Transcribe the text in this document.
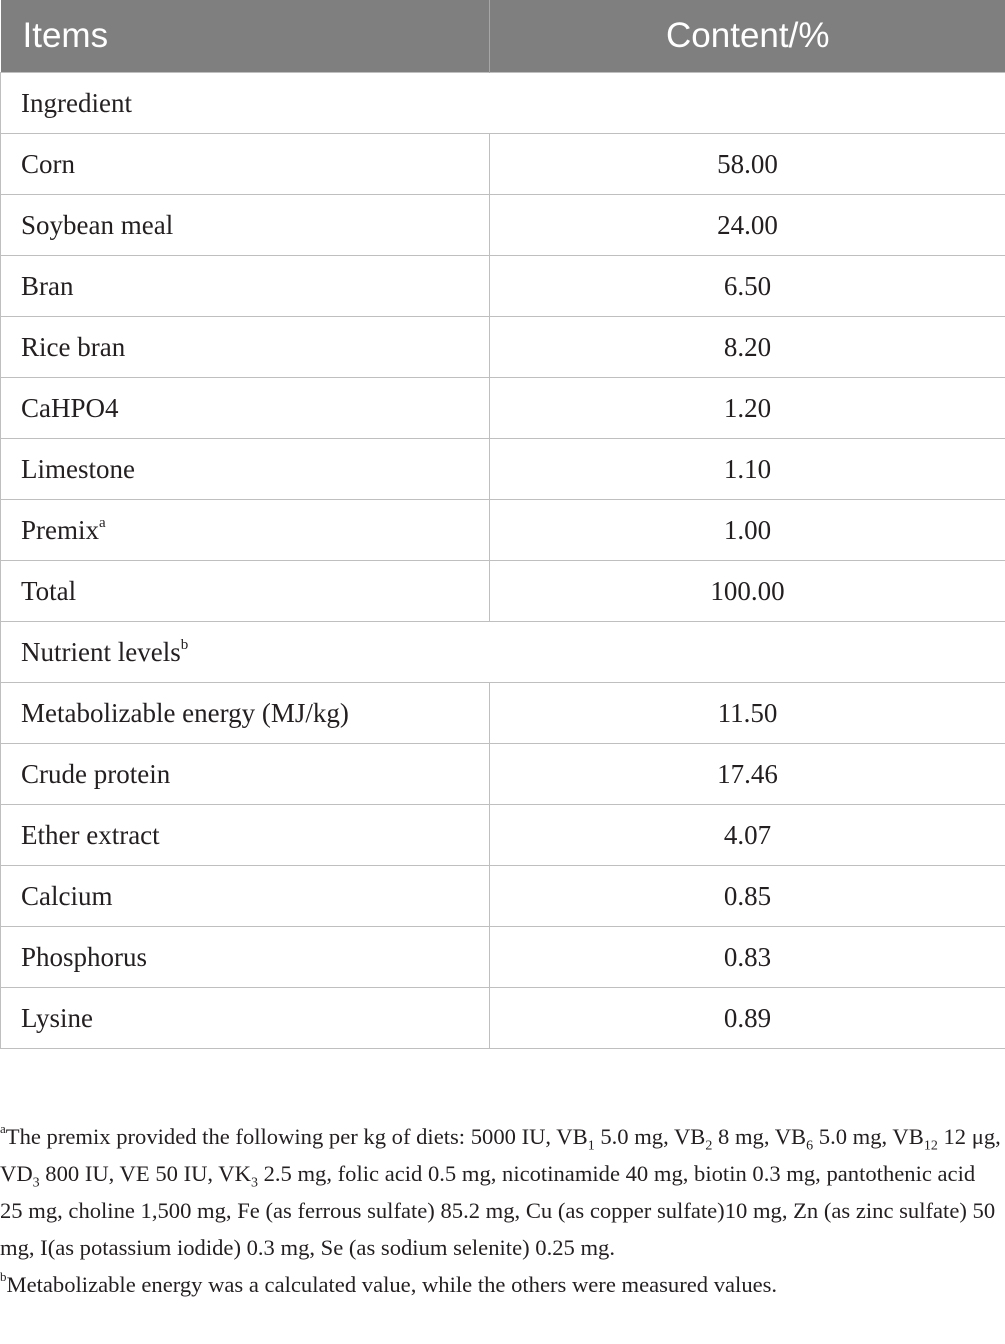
Items	Content/%
Ingredient	
Corn	58.00
Soybean meal	24.00
Bran	6.50
Rice bran	8.20
CaHPO4	1.20
Limestone	1.10
Premix$^a$	1.00
Total	100.00
Nutrient levels$^b$
Metabolizable energy (MJ/kg)	11.50
Crude protein	17.46
Ether extract	4.07
Calcium	0.85
Phosphorus	0.83
Lysine	0.89

$^a$The premix provided the following per kg of diets: 5000 IU, $VB_1$ 5.0 mg, $VB_2$ 8 mg, $VB_6$ 5.0 mg, $VB_{12}$ 12 μg, $VD_3$ 800 IU, VE 50 IU, $VK_3$ 2.5 mg, folic acid 0.5 mg, nicotinamide 40 mg, biotin 0.3 mg, pantothenic acid 25 mg, choline 1,500 mg, Fe (as ferrous sulfate) 85.2 mg, Cu (as copper sulfate)10 mg, Zn (as zinc sulfate) 50 mg, I(as potassium iodide) 0.3 mg, Se (as sodium selenite) 0.25 mg.

$^b$Metabolizable energy was a calculated value, while the others were measured values.
